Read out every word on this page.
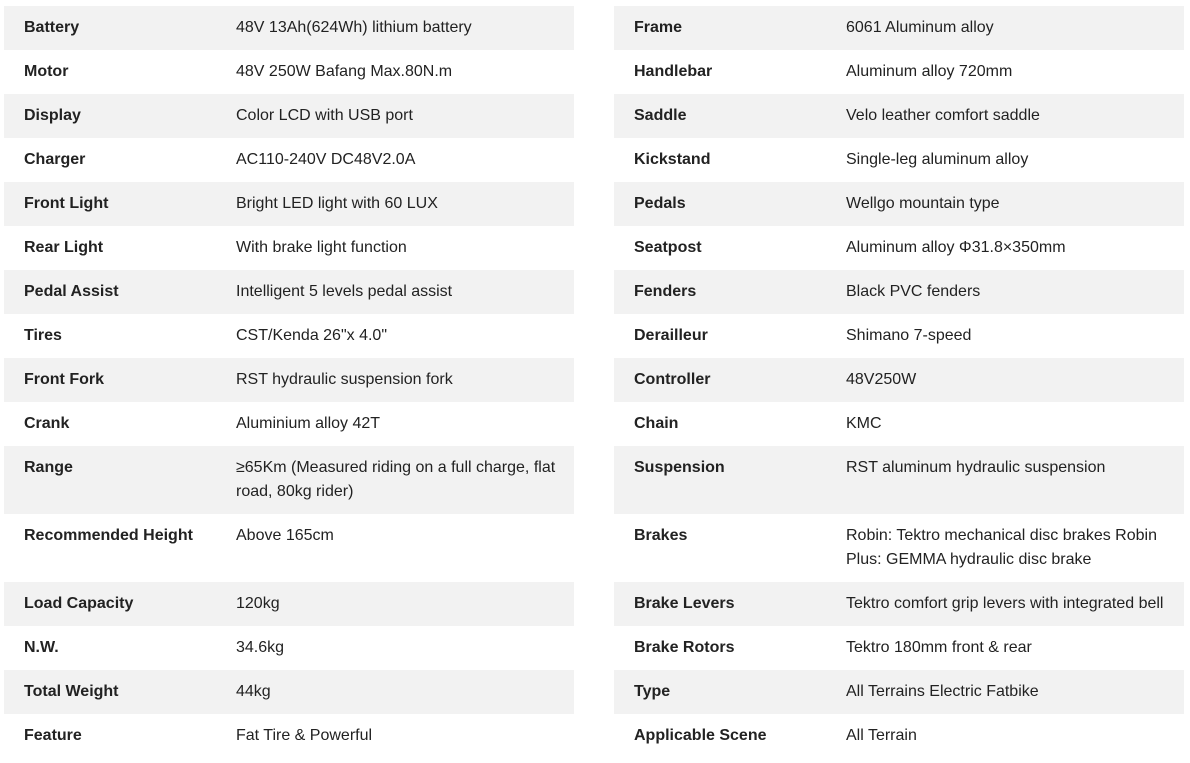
Battery	48V 13Ah(624Wh) lithium battery
Motor	48V 250W Bafang Max.80N.m
Display	Color LCD with USB port
Charger	AC110-240V DC48V2.0A
Front Light	Bright LED light with 60 LUX
Rear Light	With brake light function
Pedal Assist	Intelligent 5 levels pedal assist
Tires	CST/Kenda 26"x 4.0"
Front Fork	RST hydraulic suspension fork
Crank	Aluminium alloy 42T
Range	≥65Km (Measured riding on a full charge, flat road, 80kg rider)
Recommended Height	Above 165cm
Load Capacity	120kg
N.W.	34.6kg
Total Weight	44kg
Feature	Fat Tire & Powerful
Frame	6061 Aluminum alloy
Handlebar	Aluminum alloy 720mm
Saddle	Velo leather comfort saddle
Kickstand	Single-leg aluminum alloy
Pedals	Wellgo mountain type
Seatpost	Aluminum alloy Φ31.8×350mm
Fenders	Black PVC fenders
Derailleur	Shimano 7-speed
Controller	48V250W
Chain	KMC
Suspension	RST aluminum hydraulic suspension
Brakes	Robin: Tektro mechanical disc brakes Robin Plus: GEMMA hydraulic disc brake
Brake Levers	Tektro comfort grip levers with integrated bell
Brake Rotors	Tektro 180mm front & rear
Type	All Terrains Electric Fatbike
Applicable Scene	All Terrain
